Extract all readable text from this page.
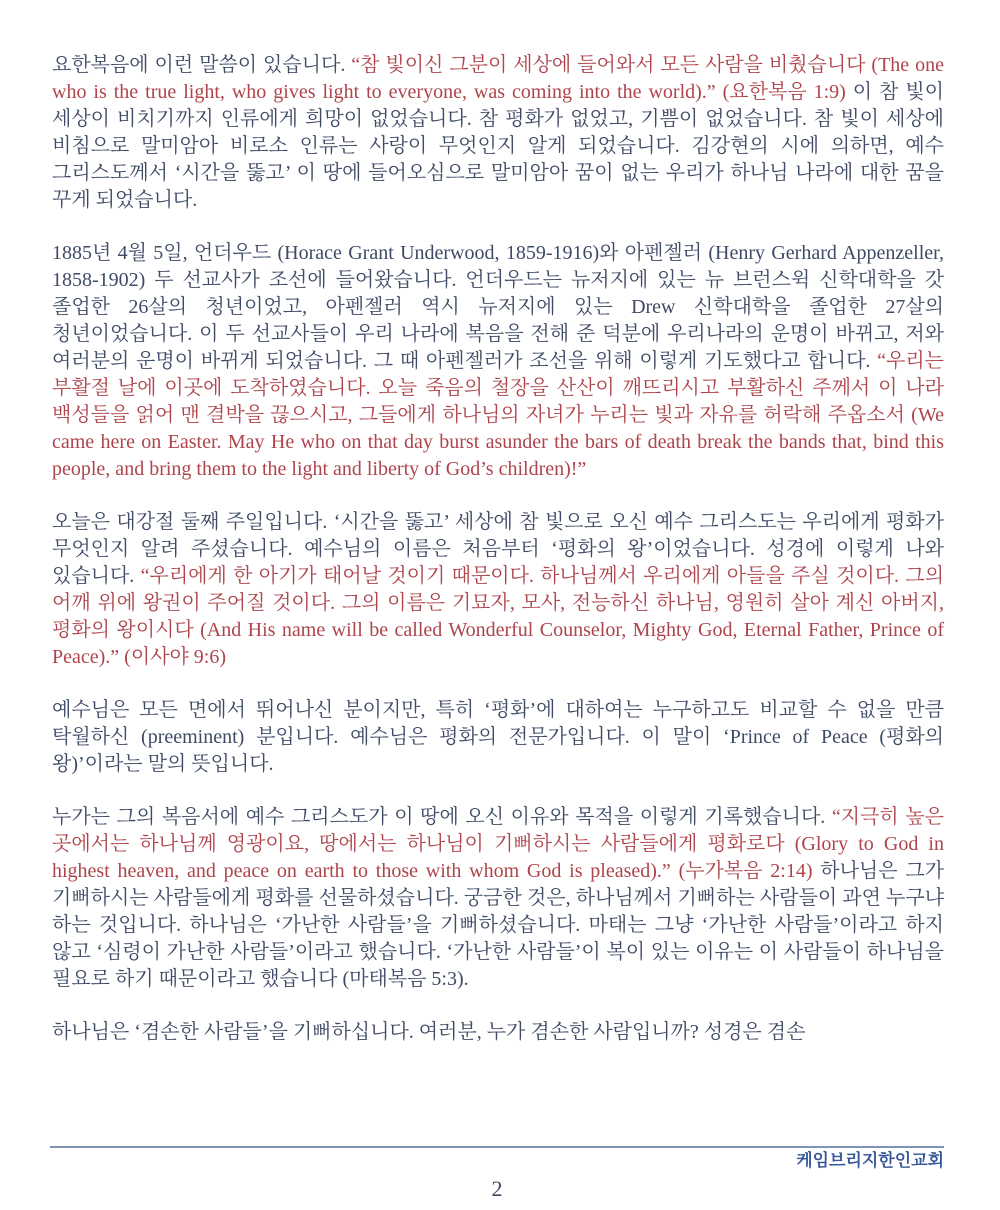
요한복음에 이런 말씀이 있습니다. “참 빛이신 그분이 세상에 들어와서 모든 사람을 비췄습니다 (The one who is the true light, who gives light to everyone, was coming into the world).” (요한복음 1:9) 이 참 빛이 세상이 비치기까지 인류에게 희망이 없었습니다. 참 평화가 없었고, 기쁨이 없었습니다. 참 빛이 세상에 비침으로 말미암아 비로소 인류는 사랑이 무엇인지 알게 되었습니다. 김강현의 시에 의하면, 예수 그리스도께서 ‘시간을 뚫고’ 이 땅에 들어오심으로 말미암아 꿈이 없는 우리가 하나님 나라에 대한 꿈을 꾸게 되었습니다.

1885년 4월 5일, 언더우드 (Horace Grant Underwood, 1859-1916)와 아펜젤러 (Henry Gerhard Appenzeller, 1858-1902) 두 선교사가 조선에 들어왔습니다. 언더우드는 뉴저지에 있는 뉴 브런스윅 신학대학을 갓 졸업한 26살의 청년이었고, 아펜젤러 역시 뉴저지에 있는 Drew 신학대학을 졸업한 27살의 청년이었습니다. 이 두 선교사들이 우리 나라에 복음을 전해 준 덕분에 우리나라의 운명이 바뀌고, 저와 여러분의 운명이 바뀌게 되었습니다. 그 때 아펜젤러가 조선을 위해 이렇게 기도했다고 합니다. “우리는 부활절 날에 이곳에 도착하였습니다. 오늘 죽음의 철장을 산산이 깨뜨리시고 부활하신 주께서 이 나라 백성들을 얽어 맨 결박을 끊으시고, 그들에게 하나님의 자녀가 누리는 빛과 자유를 허락해 주옵소서 (We came here on Easter. May He who on that day burst asunder the bars of death break the bands that, bind this people, and bring them to the light and liberty of God’s children)!”

오늘은 대강절 둘째 주일입니다. ‘시간을 뚫고’ 세상에 참 빛으로 오신 예수 그리스도는 우리에게 평화가 무엇인지 알려 주셨습니다. 예수님의 이름은 처음부터 ‘평화의 왕’이었습니다. 성경에 이렇게 나와 있습니다. “우리에게 한 아기가 태어날 것이기 때문이다. 하나님께서 우리에게 아들을 주실 것이다. 그의 어깨 위에 왕권이 주어질 것이다. 그의 이름은 기묘자, 모사, 전능하신 하나님, 영원히 살아 계신 아버지, 평화의 왕이시다 (And His name will be called Wonderful Counselor, Mighty God, Eternal Father, Prince of Peace).” (이사야 9:6)

예수님은 모든 면에서 뛰어나신 분이지만, 특히 ‘평화’에 대하여는 누구하고도 비교할 수 없을 만큼 탁월하신 (preeminent) 분입니다. 예수님은 평화의 전문가입니다. 이 말이 ‘Prince of Peace (평화의 왕)’이라는 말의 뜻입니다.

누가는 그의 복음서에 예수 그리스도가 이 땅에 오신 이유와 목적을 이렇게 기록했습니다. “지극히 높은 곳에서는 하나님께 영광이요, 땅에서는 하나님이 기뻐하시는 사람들에게 평화로다 (Glory to God in highest heaven, and peace on earth to those with whom God is pleased).” (누가복음 2:14) 하나님은 그가 기뻐하시는 사람들에게 평화를 선물하셨습니다. 궁금한 것은, 하나님께서 기뻐하는 사람들이 과연 누구냐 하는 것입니다. 하나님은 ‘가난한 사람들’을 기뻐하셨습니다. 마태는 그냥 ‘가난한 사람들’이라고 하지 않고 ‘심령이 가난한 사람들’이라고 했습니다. ‘가난한 사람들’이 복이 있는 이유는 이 사람들이 하나님을 필요로 하기 때문이라고 했습니다 (마태복음 5:3).

하나님은 ‘겸손한 사람들’을 기뻐하십니다. 여러분, 누가 겸손한 사람입니까? 성경은 겸손

케임브리지한인교회
2
